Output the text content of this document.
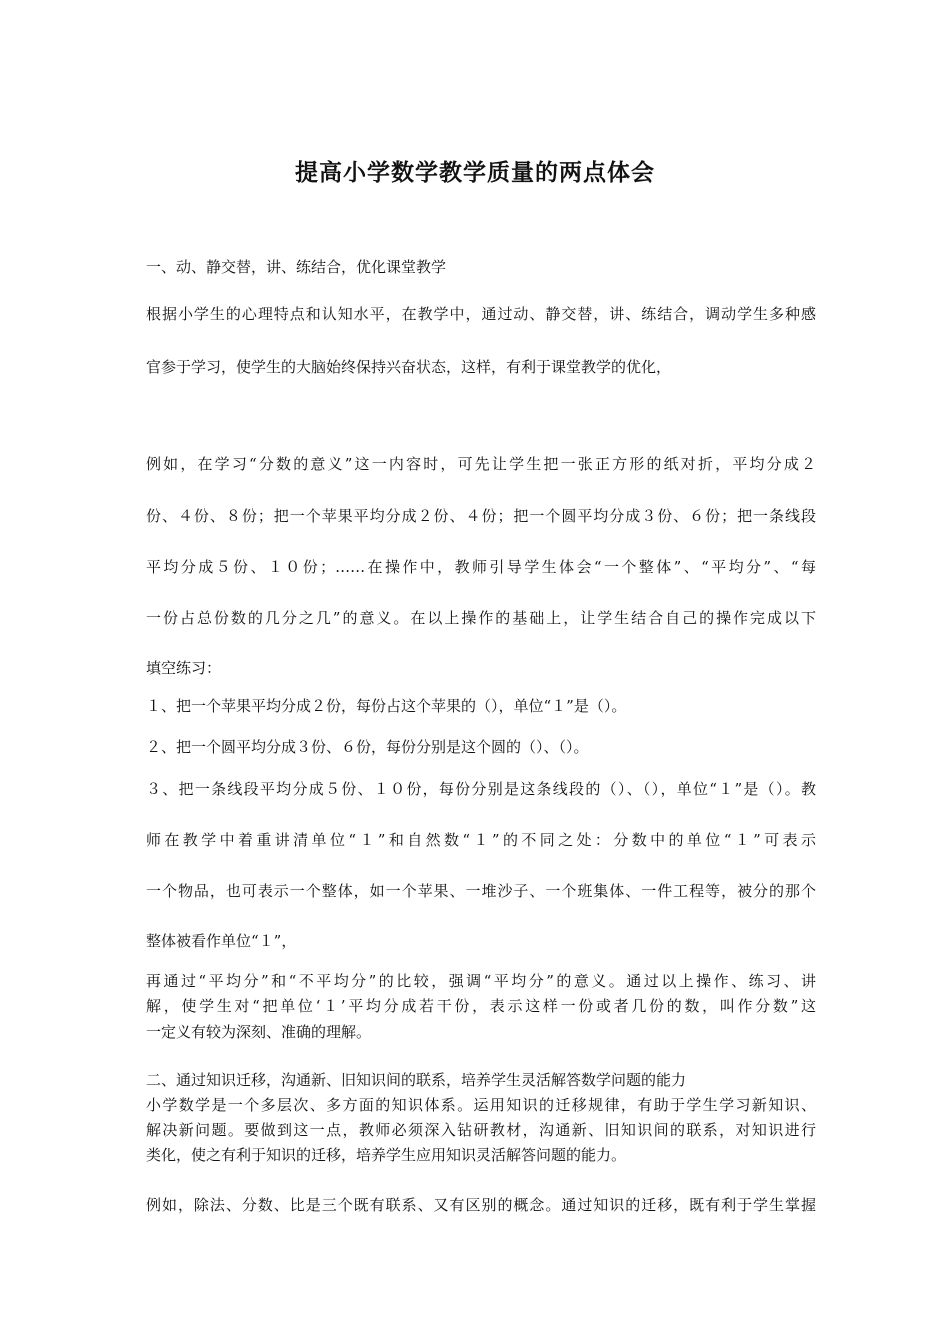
提高小学数学教学质量的两点体会
一、动、静交替，讲、练结合，优化课堂教学
根据小学生的心理特点和认知水平，在教学中，通过动、静交替，讲、练结合，调动学生多种感
官参于学习，使学生的大脑始终保持兴奋状态，这样，有利于课堂教学的优化，
例如，在学习“分数的意义”这一内容时，可先让学生把一张正方形的纸对折，平均分成２
份、４份、８份；把一个苹果平均分成２份、４份；把一个圆平均分成３份、６份；把一条线段
平均分成５份、１０份；……在操作中，教师引导学生体会“一个整体”、“平均分”、“每
一份占总份数的几分之几”的意义。在以上操作的基础上，让学生结合自己的操作完成以下
填空练习：
１、把一个苹果平均分成２份，每份占这个苹果的（），单位“１”是（）。
２、把一个圆平均分成３份、６份，每份分别是这个圆的（）、（）。
３、把一条线段平均分成５份、１０份，每份分别是这条线段的（）、（），单位“１”是（）。教
师在教学中着重讲清单位“１”和自然数“１”的不同之处：分数中的单位“１”可表示
一个物品，也可表示一个整体，如一个苹果、一堆沙子、一个班集体、一件工程等，被分的那个
整体被看作单位“１”，
再通过“平均分”和“不平均分”的比较，强调“平均分”的意义。通过以上操作、练习、讲
解，使学生对“把单位‘１’平均分成若干份，表示这样一份或者几份的数，叫作分数”这
一定义有较为深刻、准确的理解。
二、通过知识迁移，沟通新、旧知识间的联系，培养学生灵活解答数学问题的能力
小学数学是一个多层次、多方面的知识体系。运用知识的迁移规律，有助于学生学习新知识、
解决新问题。要做到这一点，教师必须深入钻研教材，沟通新、旧知识间的联系，对知识进行
类化，使之有利于知识的迁移，培养学生应用知识灵活解答问题的能力。
例如，除法、分数、比是三个既有联系、又有区别的概念。通过知识的迁移，既有利于学生掌握
